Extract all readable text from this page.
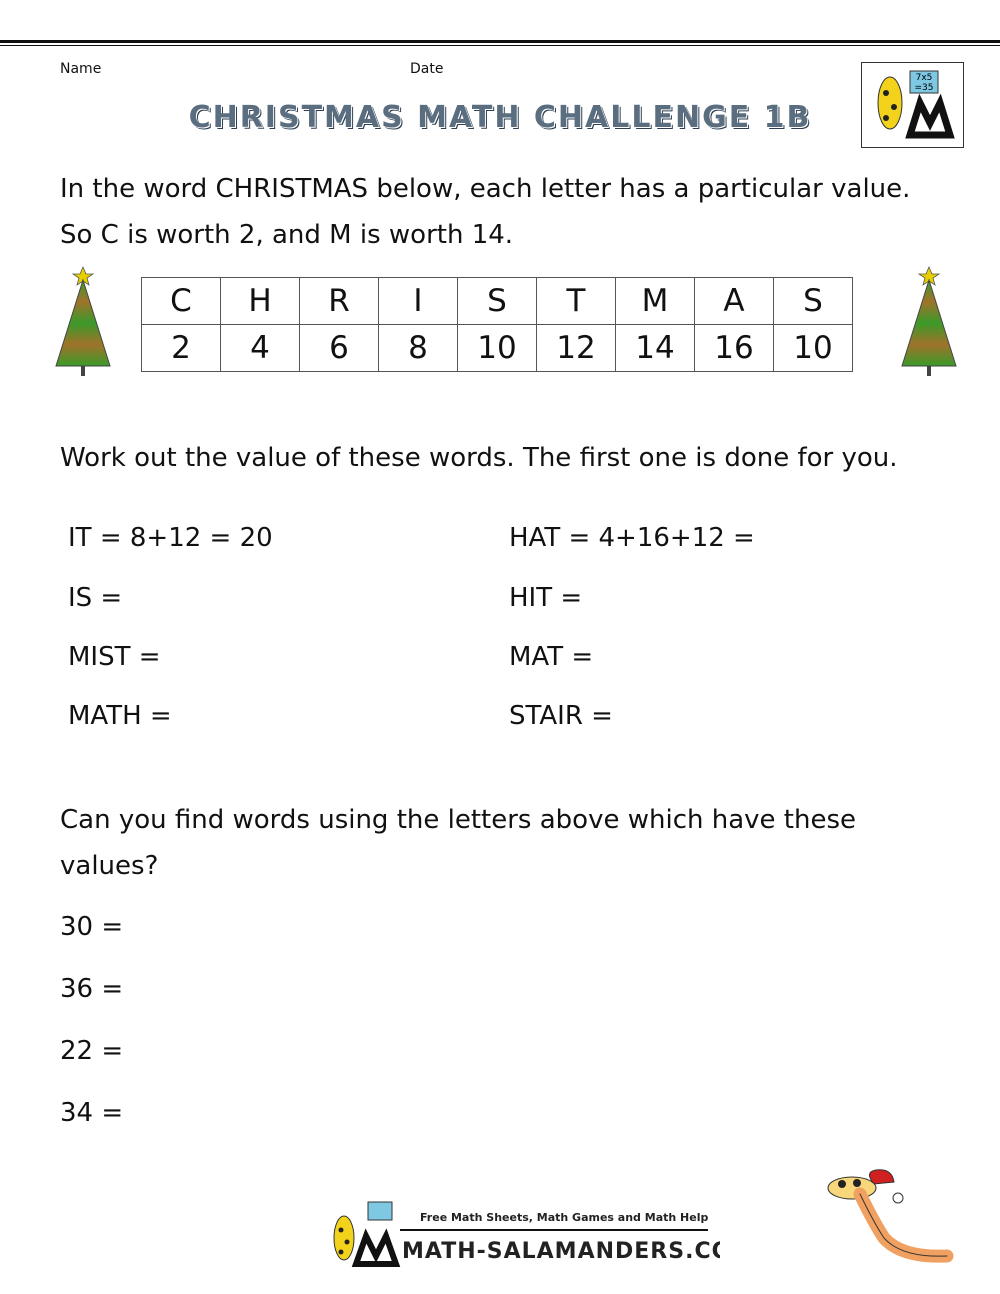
Name	Date
CHRISTMAS MATH CHALLENGE 1B
7x5
=35
In the word CHRISTMAS below, each letter has a particular value.
So C is worth 2, and M is worth 14.
C	H	R	I	S	T	M	A	S
2	4	6	8	10	12	14	16	10
Work out the value of these words. The first one is done for you.
IT = 8+12 = 20
IS =
MIST =
MATH =
HAT = 4+16+12 =
HIT =
MAT =
STAIR =
Can you find words using the letters above which have these
values?
30 =
36 =
22 =
34 =
Free Math Sheets, Math Games and Math Help
MATH-SALAMANDERS.COM
